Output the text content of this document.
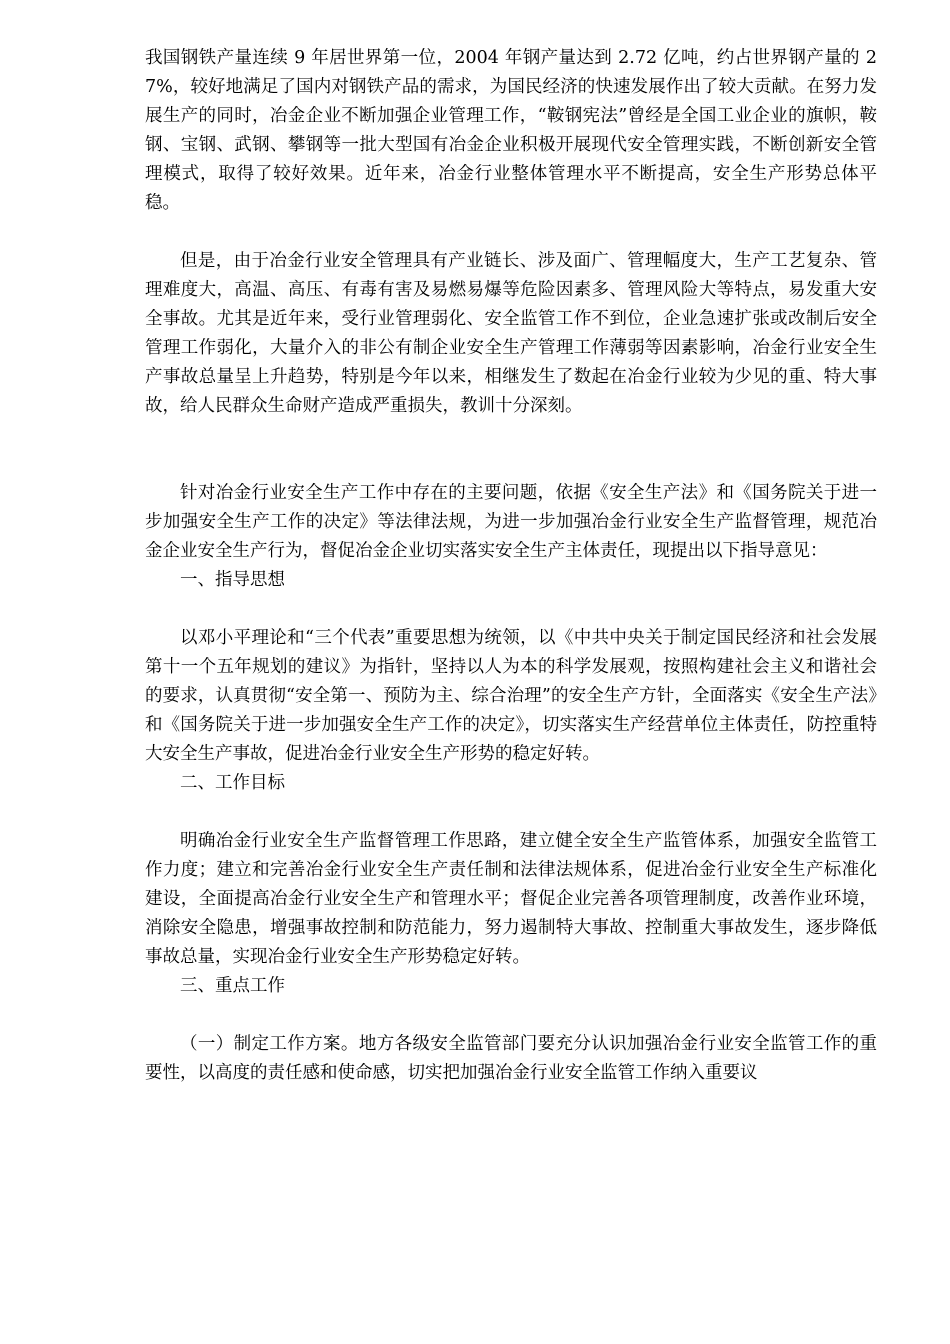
我国钢铁产量连续 9 年居世界第一位，2004 年钢产量达到 2.72 亿吨，约占世界钢产量的 27%，较好地满足了国内对钢铁产品的需求，为国民经济的快速发展作出了较大贡献。在努力发展生产的同时，冶金企业不断加强企业管理工作，“鞍钢宪法”曾经是全国工业企业的旗帜，鞍钢、宝钢、武钢、攀钢等一批大型国有冶金企业积极开展现代安全管理实践，不断创新安全管理模式，取得了较好效果。近年来，冶金行业整体管理水平不断提高，安全生产形势总体平稳。

但是，由于冶金行业安全管理具有产业链长、涉及面广、管理幅度大，生产工艺复杂、管理难度大，高温、高压、有毒有害及易燃易爆等危险因素多、管理风险大等特点，易发重大安全事故。尤其是近年来，受行业管理弱化、安全监管工作不到位，企业急速扩张或改制后安全管理工作弱化，大量介入的非公有制企业安全生产管理工作薄弱等因素影响，冶金行业安全生产事故总量呈上升趋势，特别是今年以来，相继发生了数起在冶金行业较为少见的重、特大事故，给人民群众生命财产造成严重损失，教训十分深刻。

针对冶金行业安全生产工作中存在的主要问题，依据《安全生产法》和《国务院关于进一步加强安全生产工作的决定》等法律法规，为进一步加强冶金行业安全生产监督管理，规范冶金企业安全生产行为，督促冶金企业切实落实安全生产主体责任，现提出以下指导意见：

一、指导思想

以邓小平理论和“三个代表”重要思想为统领，以《中共中央关于制定国民经济和社会发展第十一个五年规划的建议》为指针，坚持以人为本的科学发展观，按照构建社会主义和谐社会的要求，认真贯彻“安全第一、预防为主、综合治理”的安全生产方针，全面落实《安全生产法》和《国务院关于进一步加强安全生产工作的决定》，切实落实生产经营单位主体责任，防控重特大安全生产事故，促进冶金行业安全生产形势的稳定好转。

二、工作目标

明确冶金行业安全生产监督管理工作思路，建立健全安全生产监管体系，加强安全监管工作力度；建立和完善冶金行业安全生产责任制和法律法规体系，促进冶金行业安全生产标准化建设，全面提高冶金行业安全生产和管理水平；督促企业完善各项管理制度，改善作业环境，消除安全隐患，增强事故控制和防范能力，努力遏制特大事故、控制重大事故发生，逐步降低事故总量，实现冶金行业安全生产形势稳定好转。

三、重点工作

（一）制定工作方案。地方各级安全监管部门要充分认识加强冶金行业安全监管工作的重要性，以高度的责任感和使命感，切实把加强冶金行业安全监管工作纳入重要议
